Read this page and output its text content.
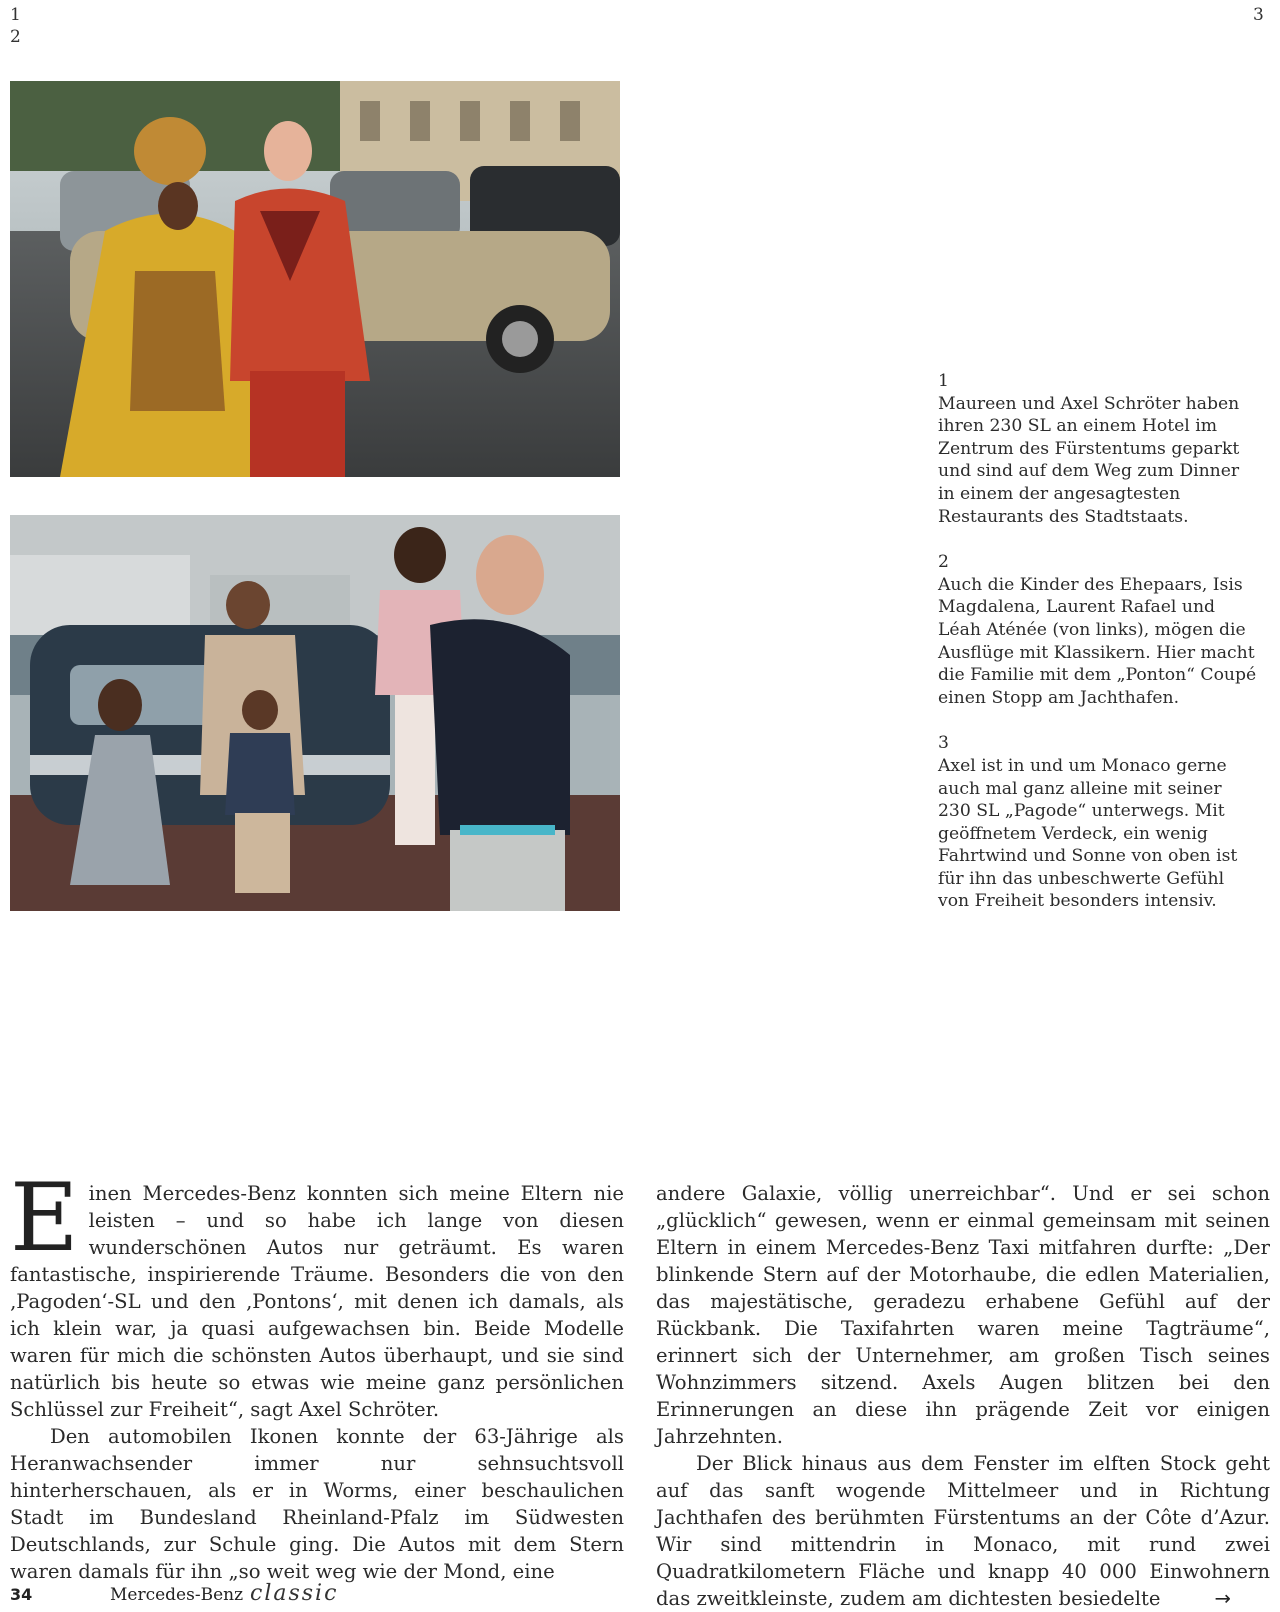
1
2
3
1
Maureen und Axel Schröter haben ihren 230 SL an einem Hotel im Zentrum des Fürstentums geparkt und sind auf dem Weg zum Dinner in einem der angesagtesten Restaurants des Stadtstaats.
2
Auch die Kinder des Ehepaars, Isis Magdalena, Laurent Rafael und Léah Aténée (von links), mögen die Ausflüge mit Klassikern. Hier macht die Familie mit dem „Ponton“ Coupé einen Stopp am Jachthafen.
3
Axel ist in und um Monaco gerne auch mal ganz alleine mit seiner 230 SL „Pagode“ unterwegs. Mit geöffnetem Verdeck, ein wenig Fahrtwind und Sonne von oben ist für ihn das unbeschwerte Gefühl von Freiheit besonders intensiv.

Einen Mercedes-Benz konnten sich meine Eltern nie leisten – und so habe ich lange von diesen wunderschönen Autos nur geträumt. Es waren fantastische, inspirierende Träume. Besonders die von den ‚Pagoden‘-SL und den ‚Pontons‘, mit denen ich damals, als ich klein war, ja quasi aufgewachsen bin. Beide Modelle waren für mich die schönsten Autos überhaupt, und sie sind natürlich bis heute so etwas wie meine ganz persönlichen Schlüssel zur Freiheit“, sagt Axel Schröter.

Den automobilen Ikonen konnte der 63-Jährige als Heranwachsender immer nur sehnsuchtsvoll hinterherschauen, als er in Worms, einer beschaulichen Stadt im Bundesland Rheinland-Pfalz im Südwesten Deutschlands, zur Schule ging. Die Autos mit dem Stern waren damals für ihn „so weit weg wie der Mond, eine

andere Galaxie, völlig unerreichbar“. Und er sei schon „glücklich“ gewesen, wenn er einmal gemeinsam mit seinen Eltern in einem Mercedes-Benz Taxi mitfahren durfte: „Der blinkende Stern auf der Motorhaube, die edlen Materialien, das majestätische, geradezu erhabene Gefühl auf der Rückbank. Die Taxifahrten waren meine Tagträume“, erinnert sich der Unternehmer, am großen Tisch seines Wohnzimmers sitzend. Axels Augen blitzen bei den Erinnerungen an diese ihn prägende Zeit vor einigen Jahrzehnten.

Der Blick hinaus aus dem Fenster im elften Stock geht auf das sanft wogende Mittelmeer und in Richtung Jachthafen des berühmten Fürstentums an der Côte d’Azur. Wir sind mittendrin in Monaco, mit rund zwei Quadratkilometern Fläche und knapp 40 000 Einwohnern das zweitkleinste, zudem am dichtesten besiedelte	→

34	Mercedes-Benz classic
